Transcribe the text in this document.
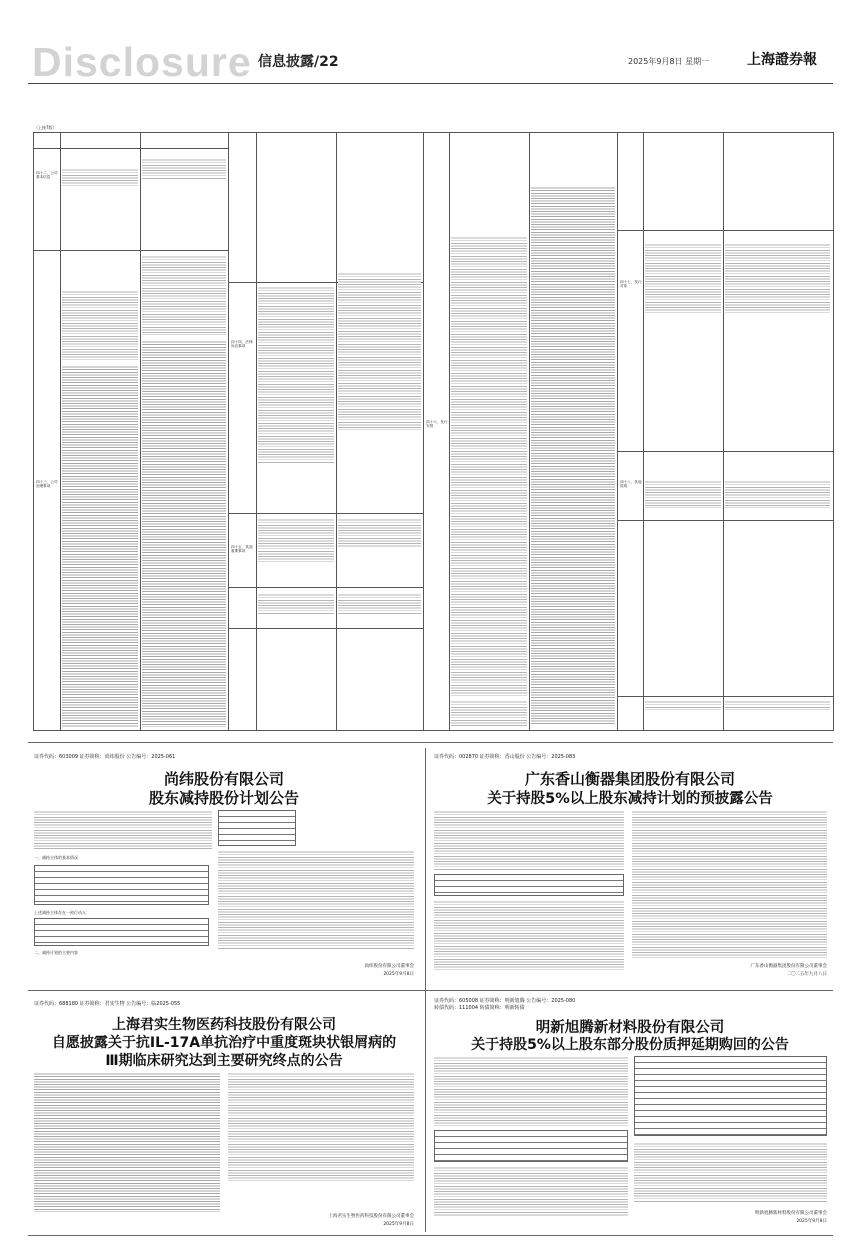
Disclosure 信息披露/22	2025年9月8日 星期一	上海證券報
（上接7版）
四十二、公司基本信息
四十三、公司治理事项
四十四、法律诉讼事项
四十五、其他重要事项
四十六、发行安排
四十七、发行对象
四十八、其他说明
证券代码：603009 证券简称：尚纬股份 公告编号：2025-061
尚纬股份有限公司
股东减持股份计划公告
一、减持主体的基本情况
上述减持主体存在一致行动人：
二、减持计划的主要内容
尚纬股份有限公司董事会
2025年9月8日
证券代码：002870 证券简称：香山股份 公告编号：2025-083
广东香山衡器集团股份有限公司
关于持股5%以上股东减持计划的预披露公告
广东香山衡器集团股份有限公司董事会
二〇二五年九月八日
证券代码：688180 证券简称：君实生物 公告编号：临2025-055
上海君实生物医药科技股份有限公司
自愿披露关于抗IL-17A单抗治疗中重度斑块状银屑病的
Ⅲ期临床研究达到主要研究终点的公告
上海君实生物医药科技股份有限公司董事会
2025年9月8日
证券代码：605008 证券简称：明新旭腾 公告编号：2025-080
转债代码：111004 转债简称：明新转债
明新旭腾新材料股份有限公司
关于持股5%以上股东部分股份质押延期购回的公告
明新旭腾新材料股份有限公司董事会
2025年9月8日
